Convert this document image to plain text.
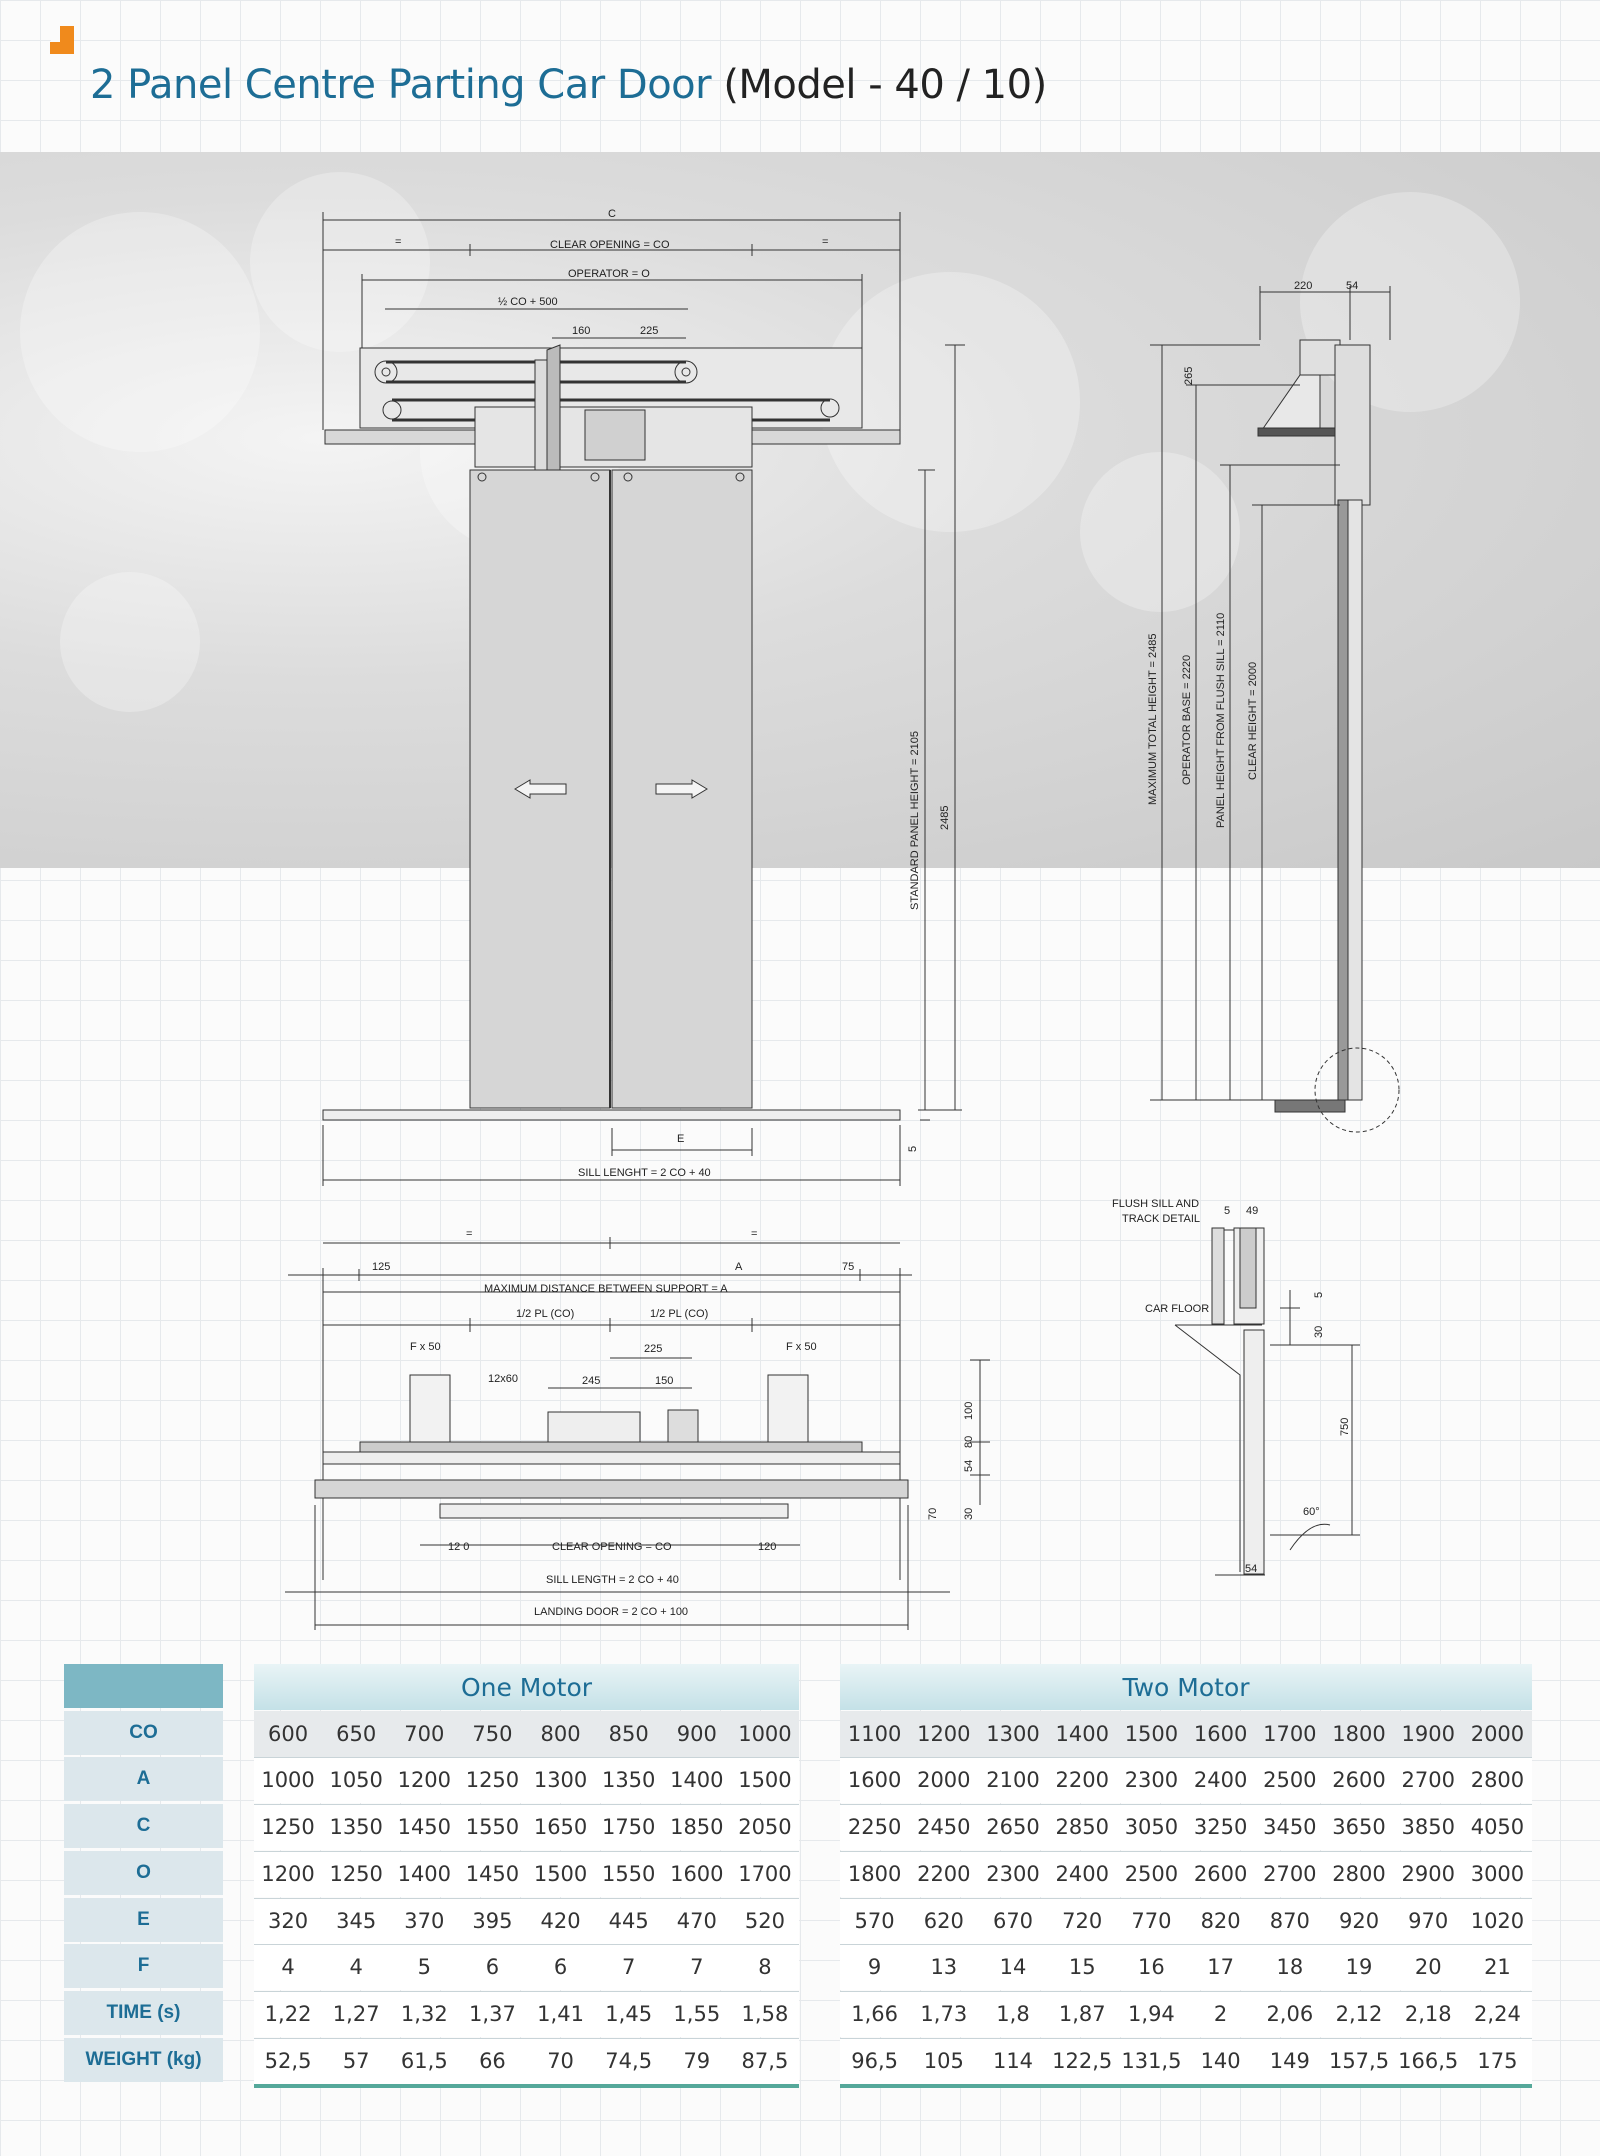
2 Panel Centre Parting Car Door (Model - 40 / 10)
C
=	=
CLEAR OPENING = CO
OPERATOR = O
½ CO + 500
160	225
STANDARD PANEL HEIGHT = 2105 2485
E
5
SILL LENGHT = 2 CO + 40
220	54
265
MAXIMUM TOTAL HEIGHT = 2485 OPERATOR BASE = 2220 PANEL HEIGHT FROM FLUSH SILL = 2110 CLEAR HEIGHT = 2000
=	=
125	A	75
MAXIMUM DISTANCE BETWEEN SUPPORT = A
1/2 PL (CO)	1/2 PL (CO)
225
F x 50	F x 50
12x60	245	150
100
80
54
70 30
12 0	CLEAR OPENING = CO	120
SILL LENGTH = 2 CO + 40
LANDING DOOR = 2 CO + 100
FLUSH SILL AND
TRACK DETAIL
5 49
CAR FLOOR
5
30
750
60°
54
CO
A
C
O
E
F
TIME (s)
WEIGHT (kg)
One Motor
600	650	700	750	800	850	900	1000
1000 1050 1200 1250 1300 1350 1400 1500
1250 1350 1450 1550 1650 1750 1850 2050
1200 1250 1400 1450 1500 1550 1600 1700
320	345	370	395	420	445	470	520
4	4	5	6	6	7	7	8
1,22	1,27	1,32	1,37	1,41	1,45	1,55	1,58
52,5	57	61,5	66	70	74,5	79	87,5
Two Motor
1100 1200 1300 1400 1500 1600 1700 1800 1900 2000
1600 2000 2100 2200 2300 2400 2500 2600 2700 2800
2250 2450 2650 2850 3050 3250 3450 3650 3850 4050
1800 2200 2300 2400 2500 2600 2700 2800 2900 3000
570	620	670	720	770	820	870	920	970	1020
9	13	14	15	16	17	18	19	20	21
1,66	1,73	1,8	1,87	1,94	2	2,06	2,12	2,18	2,24
96,5	105	114 122,5 131,5 140	149 157,5 166,5 175
